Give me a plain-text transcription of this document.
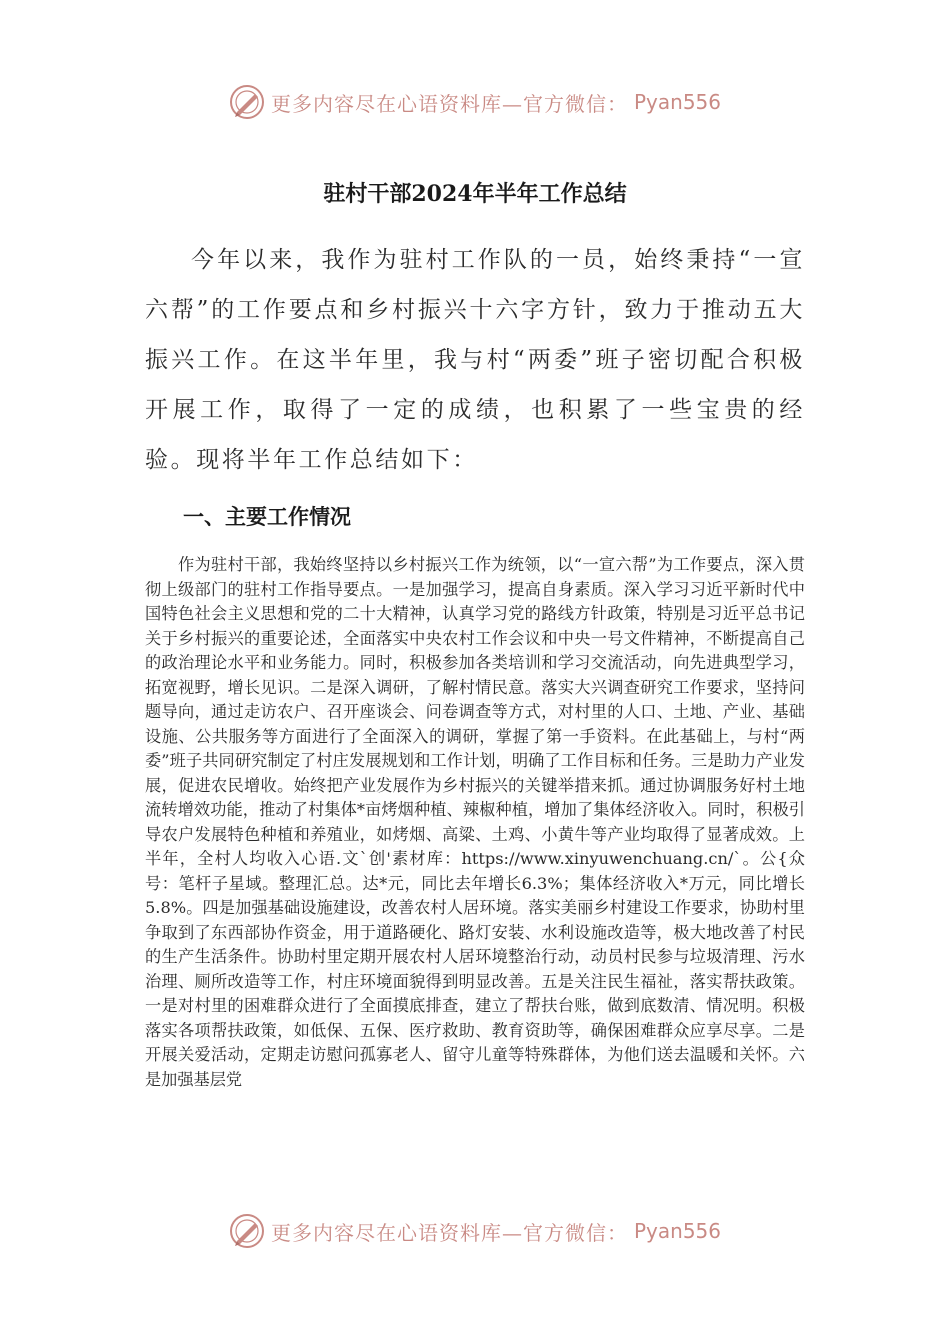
更多内容尽在心语资料库—官方微信： Pyan556
驻村干部2024年半年工作总结

今年以来，我作为驻村工作队的一员，始终秉持“一宣六帮”的工作要点和乡村振兴十六字方针，致力于推动五大振兴工作。在这半年里，我与村“两委”班子密切配合积极开展工作，取得了一定的成绩，也积累了一些宝贵的经验。现将半年工作总结如下：

一、主要工作情况

作为驻村干部，我始终坚持以乡村振兴工作为统领，以“一宣六帮”为工作要点，深入贯彻上级部门的驻村工作指导要点。一是加强学习，提高自身素质。深入学习习近平新时代中国特色社会主义思想和党的二十大精神，认真学习党的路线方针政策，特别是习近平总书记关于乡村振兴的重要论述，全面落实中央农村工作会议和中央一号文件精神，不断提高自己的政治理论水平和业务能力。同时，积极参加各类培训和学习交流活动，向先进典型学习，拓宽视野，增长见识。二是深入调研，了解村情民意。落实大兴调查研究工作要求，坚持问题导向，通过走访农户、召开座谈会、问卷调查等方式，对村里的人口、土地、产业、基础设施、公共服务等方面进行了全面深入的调研，掌握了第一手资料。在此基础上，与村“两委”班子共同研究制定了村庄发展规划和工作计划，明确了工作目标和任务。三是助力产业发展，促进农民增收。始终把产业发展作为乡村振兴的关键举措来抓。通过协调服务好村土地流转增效功能，推动了村集体*亩烤烟种植、辣椒种植，增加了集体经济收入。同时，积极引导农户发展特色种植和养殖业，如烤烟、高粱、土鸡、小黄牛等产业均取得了显著成效。上半年，全村人均收入心语.文`创'素材库：https://www.xinyuwenchuang.cn/`。公{众号：笔杆子星域。整理汇总。达*元，同比去年增长6.3%；集体经济收入*万元，同比增长5.8%。四是加强基础设施建设，改善农村人居环境。落实美丽乡村建设工作要求，协助村里争取到了东西部协作资金，用于道路硬化、路灯安装、水利设施改造等，极大地改善了村民的生产生活条件。协助村里定期开展农村人居环境整治行动，动员村民参与垃圾清理、污水治理、厕所改造等工作，村庄环境面貌得到明显改善。五是关注民生福祉，落实帮扶政策。一是对村里的困难群众进行了全面摸底排查，建立了帮扶台账，做到底数清、情况明。积极落实各项帮扶政策，如低保、五保、医疗救助、教育资助等，确保困难群众应享尽享。二是开展关爱活动，定期走访慰问孤寡老人、留守儿童等特殊群体，为他们送去温暖和关怀。六是加强基层党

更多内容尽在心语资料库—官方微信： Pyan556
